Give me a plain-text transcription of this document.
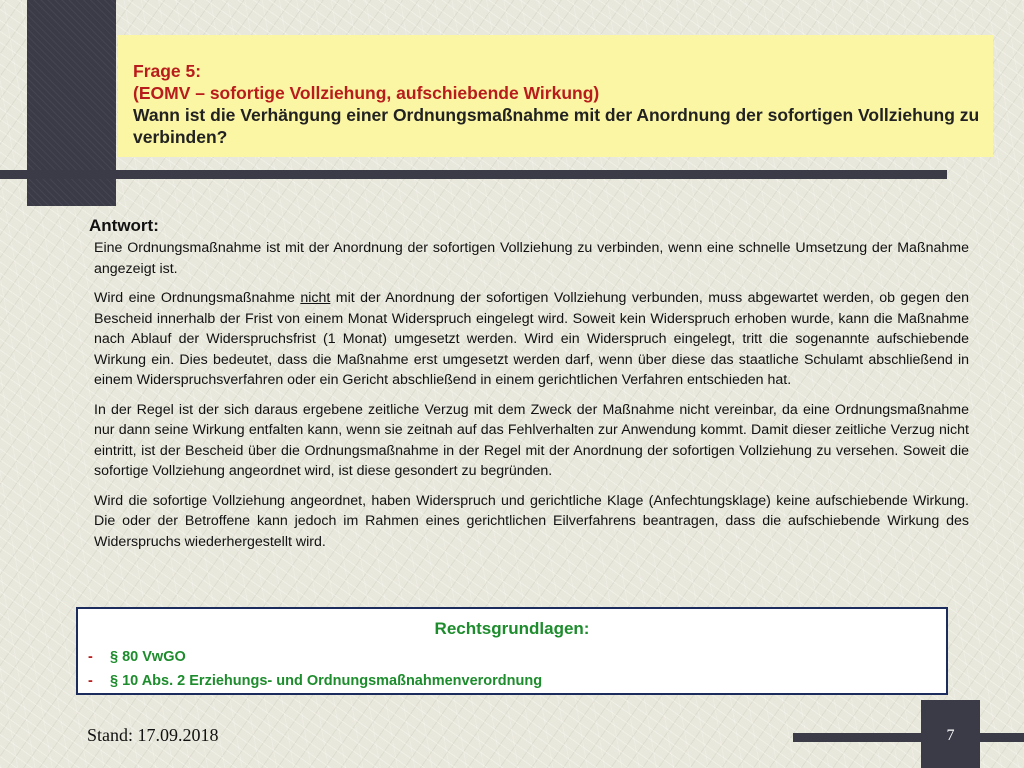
Frage 5:
(EOMV – sofortige Vollziehung, aufschiebende Wirkung)
Wann ist die Verhängung einer Ordnungsmaßnahme mit der Anordnung der sofortigen Vollziehung zu verbinden?
Antwort:

Eine Ordnungsmaßnahme ist mit der Anordnung der sofortigen Vollziehung zu verbinden, wenn eine schnelle Umsetzung der Maßnahme angezeigt ist.

Wird eine Ordnungsmaßnahme nicht mit der Anordnung der sofortigen Vollziehung verbunden, muss abgewartet werden, ob gegen den Bescheid innerhalb der Frist von einem Monat Widerspruch eingelegt wird. Soweit kein Widerspruch erhoben wurde, kann die Maßnahme nach Ablauf der Widerspruchsfrist (1 Monat) umgesetzt werden. Wird ein Widerspruch eingelegt, tritt die sogenannte aufschiebende Wirkung ein. Dies bedeutet, dass die Maßnahme erst umgesetzt werden darf, wenn über diese das staatliche Schulamt abschließend in einem Widerspruchsverfahren oder ein Gericht abschließend in einem gerichtlichen Verfahren entschieden hat.

In der Regel ist der sich daraus ergebene zeitliche Verzug mit dem Zweck der Maßnahme nicht vereinbar, da eine Ordnungsmaßnahme nur dann seine Wirkung entfalten kann, wenn sie zeitnah auf das Fehlverhalten zur Anwendung kommt. Damit dieser zeitliche Verzug nicht eintritt, ist der Bescheid über die Ordnungsmaßnahme in der Regel mit der Anordnung der sofortigen Vollziehung zu versehen. Soweit die sofortige Vollziehung angeordnet wird, ist diese gesondert zu begründen.

Wird die sofortige Vollziehung angeordnet, haben Widerspruch und gerichtliche Klage (Anfechtungsklage) keine aufschiebende Wirkung. Die oder der Betroffene kann jedoch im Rahmen eines gerichtlichen Eilverfahrens beantragen, dass die aufschiebende Wirkung des Widerspruchs wiederhergestellt wird.

Rechtsgrundlagen:
- § 80 VwGO
- § 10 Abs. 2 Erziehungs- und Ordnungsmaßnahmenverordnung
Stand: 17.09.2018	7
